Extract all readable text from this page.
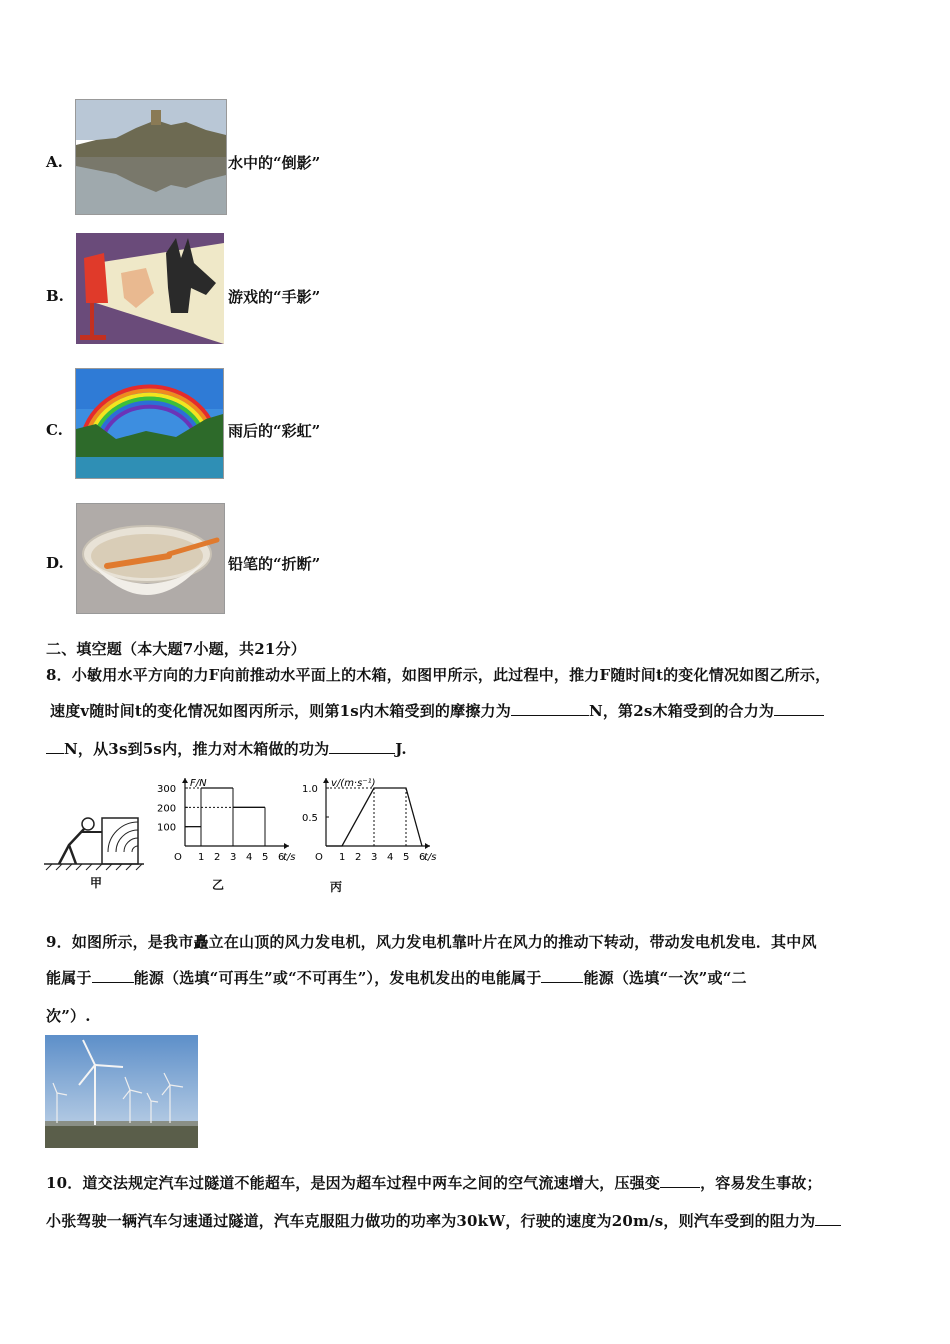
A.	水中的“倒影”
B.	游戏的“手影”
C.	雨后的“彩虹”
D.	铅笔的“折断”
二、填空题（本大题7小题，共21分）
8．小敏用水平方向的力F向前推动水平面上的木箱，如图甲所示，此过程中，推力F随时间t的变化情况如图乙所示，
速度v随时间t的变化情况如图丙所示，则第1s内木箱受到的摩擦力为	N，第2s木箱受到的合力为
N，从3s到5s内，推力对木箱做的功为	J.
甲
t/s
F/N
O 1 2 3 4 5 6
100
200
300
乙
t/s
v/(m·s⁻¹)
O 1 2 3 4 5 6
0.5
1.0
丙
9．如图所示，是我市矗立在山顶的风力发电机，风力发电机靠叶片在风力的推动下转动，带动发电机发电．其中风
能属于	能源（选填“可再生”或“不可再生”），发电机发出的电能属于	能源（选填“一次”或“二
次”）.
10．道交法规定汽车过隧道不能超车，是因为超车过程中两车之间的空气流速增大，压强变	，容易发生事故；
小张驾驶一辆汽车匀速通过隧道，汽车克服阻力做功的功率为30kW，行驶的速度为20m/s，则汽车受到的阻力为
